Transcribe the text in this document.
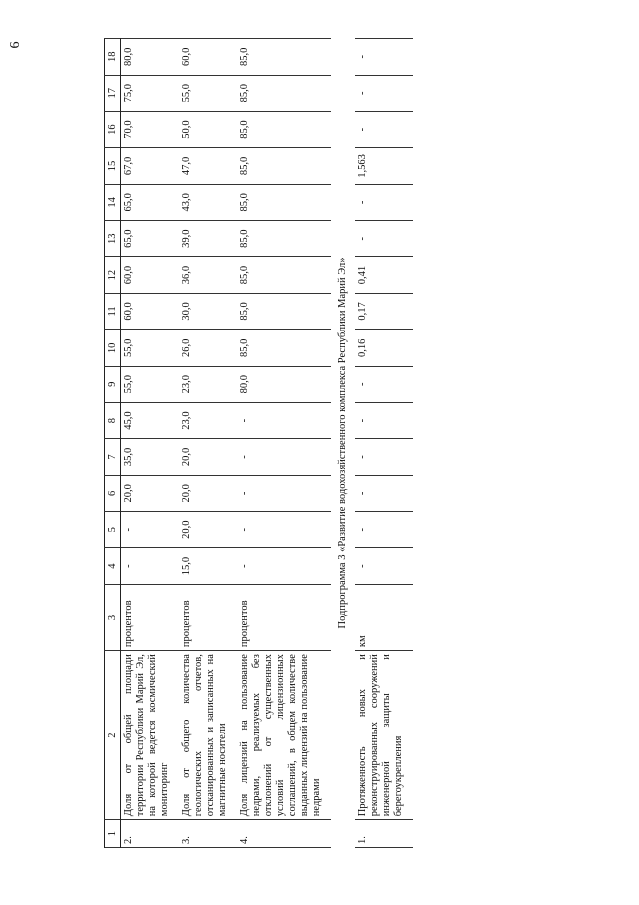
6
1	2	3	4	5	6	7	8	9	10	11	12	13	14	15	16	17	18
2.	Доля от общей площади территории Республики Марий Эл, на которой ведется космический мониторинг	процентов	-	-	20,0	35,0	45,0	55,0	55,0	60,0	60,0	65,0	65,0	67,0	70,0	75,0	80,0
3.	Доля от общего количества геологических отчетов, отсканированных и записанных на магнитные носители	процентов	15,0	20,0	20,0	20,0	23,0	23,0	26,0	30,0	36,0	39,0	43,0	47,0	50,0	55,0	60,0
4.	Доля лицензий на пользование недрами, реализуемых без отклонений от существенных условий лицензионных соглашений, в общем количестве выданных лицензий на пользование недрами	процентов	-	-	-	-	-	80,0	85,0	85,0	85,0	85,0	85,0	85,0	85,0	85,0	85,0
Подпрограмма 3 «Развитие водохозяйственного комплекса Республики Марий Эл»																	
1.	Протяженность новых и реконструированных сооружений инженерной защиты и берегоукрепления	км	-	-	-	-	-	-	0,16	0,17	0,41	-	-	1,563	-	-	-
